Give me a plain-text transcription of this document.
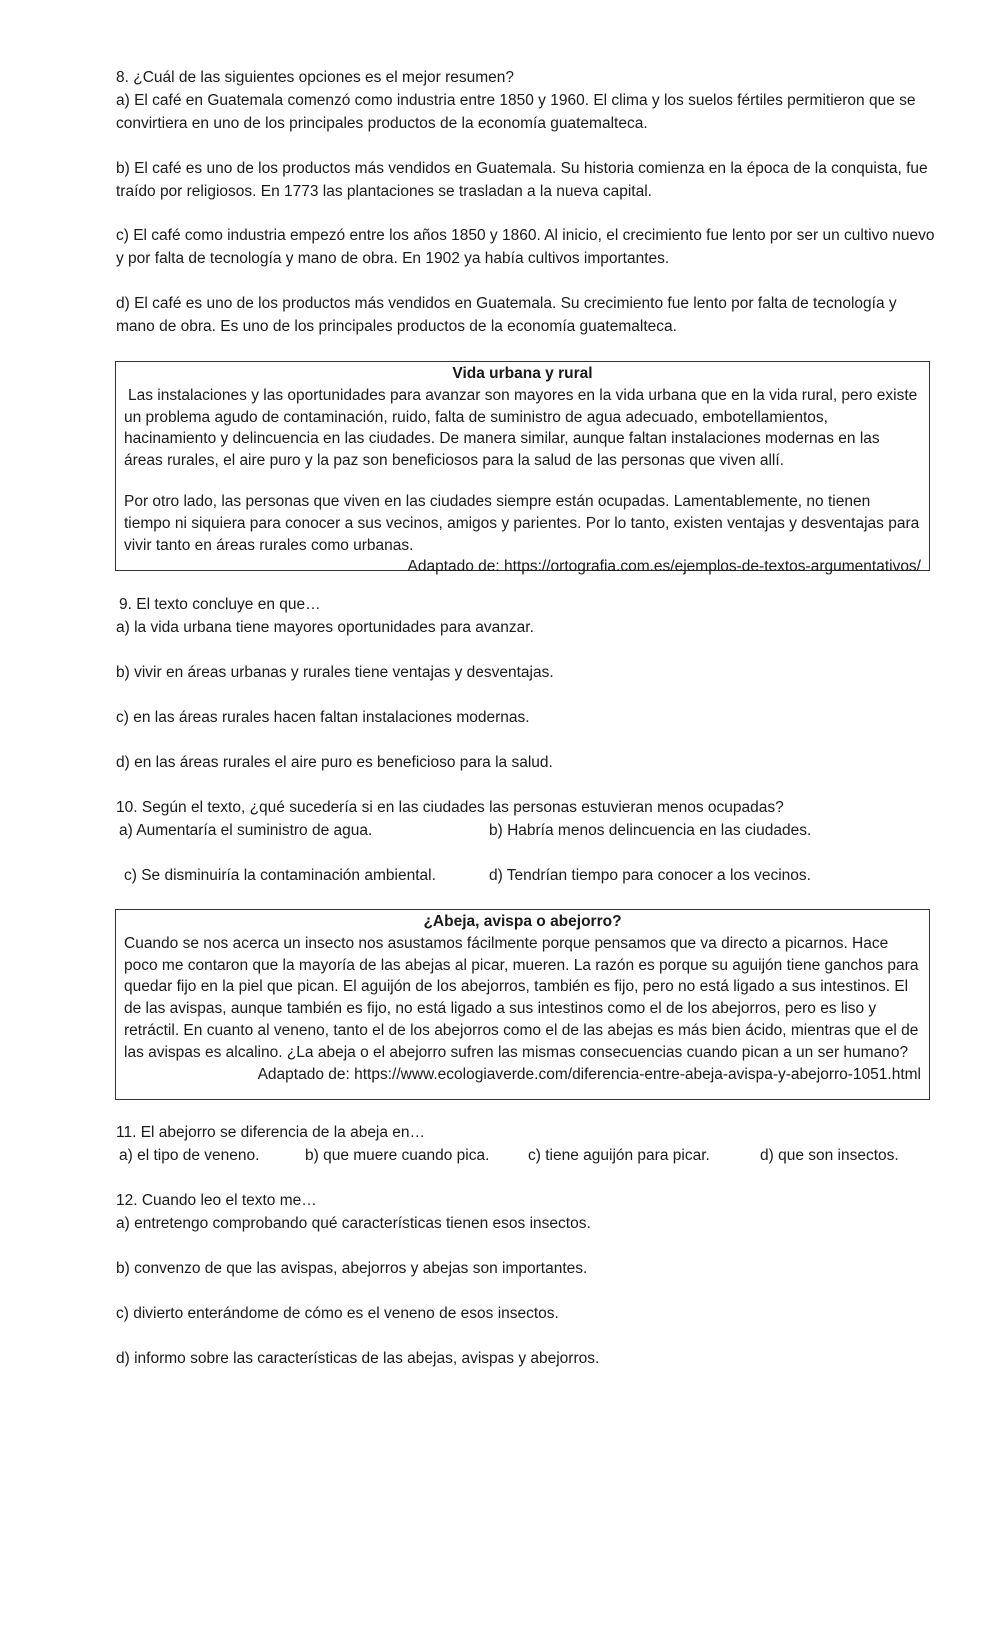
8. ¿Cuál de las siguientes opciones es el mejor resumen?

a) El café en Guatemala comenzó como industria entre 1850 y 1960. El clima y los suelos fértiles permitieron que se convirtiera en uno de los principales productos de la economía guatemalteca.

b) El café es uno de los productos más vendidos en Guatemala. Su historia comienza en la época de la conquista, fue traído por religiosos. En 1773 las plantaciones se trasladan a la nueva capital.

c) El café como industria empezó entre los años 1850 y 1860. Al inicio, el crecimiento fue lento por ser un cultivo nuevo y por falta de tecnología y mano de obra. En 1902 ya había cultivos importantes.

d) El café es uno de los productos más vendidos en Guatemala. Su crecimiento fue lento por falta de tecnología y mano de obra. Es uno de los principales productos de la economía guatemalteca.

Vida urbana y rural

Las instalaciones y las oportunidades para avanzar son mayores en la vida urbana que en la vida rural, pero existe un problema agudo de contaminación, ruido, falta de suministro de agua adecuado, embotellamientos, hacinamiento y delincuencia en las ciudades. De manera similar, aunque faltan instalaciones modernas en las áreas rurales, el aire puro y la paz son beneficiosos para la salud de las personas que viven allí.

Por otro lado, las personas que viven en las ciudades siempre están ocupadas. Lamentablemente, no tienen tiempo ni siquiera para conocer a sus vecinos, amigos y parientes. Por lo tanto, existen ventajas y desventajas para vivir tanto en áreas rurales como urbanas.

Adaptado de: https://ortografia.com.es/ejemplos-de-textos-argumentativos/

9. El texto concluye en que…

a) la vida urbana tiene mayores oportunidades para avanzar.

b) vivir en áreas urbanas y rurales tiene ventajas y desventajas.

c) en las áreas rurales hacen faltan instalaciones modernas.

d) en las áreas rurales el aire puro es beneficioso para la salud.

10. Según el texto, ¿qué sucedería si en las ciudades las personas estuvieran menos ocupadas?

a) Aumentaría el suministro de agua.	b) Habría menos delincuencia en las ciudades.
c) Se disminuiría la contaminación ambiental.	d) Tendrían tiempo para conocer a los vecinos.

¿Abeja, avispa o abejorro?

Cuando se nos acerca un insecto nos asustamos fácilmente porque pensamos que va directo a picarnos. Hace poco me contaron que la mayoría de las abejas al picar, mueren. La razón es porque su aguijón tiene ganchos para quedar fijo en la piel que pican. El aguijón de los abejorros, también es fijo, pero no está ligado a sus intestinos. El de las avispas, aunque también es fijo, no está ligado a sus intestinos como el de los abejorros, pero es liso y retráctil. En cuanto al veneno, tanto el de los abejorros como el de las abejas es más bien ácido, mientras que el de las avispas es alcalino. ¿La abeja o el abejorro sufren las mismas consecuencias cuando pican a un ser humano?

Adaptado de: https://www.ecologiaverde.com/diferencia-entre-abeja-avispa-y-abejorro-1051.html

11. El abejorro se diferencia de la abeja en…

a) el tipo de veneno.	b) que muere cuando pica.	c) tiene aguijón para picar.	d) que son insectos.

12. Cuando leo el texto me…

a) entretengo comprobando qué características tienen esos insectos.

b) convenzo de que las avispas, abejorros y abejas son importantes.

c) divierto enterándome de cómo es el veneno de esos insectos.

d) informo sobre las características de las abejas, avispas y abejorros.
